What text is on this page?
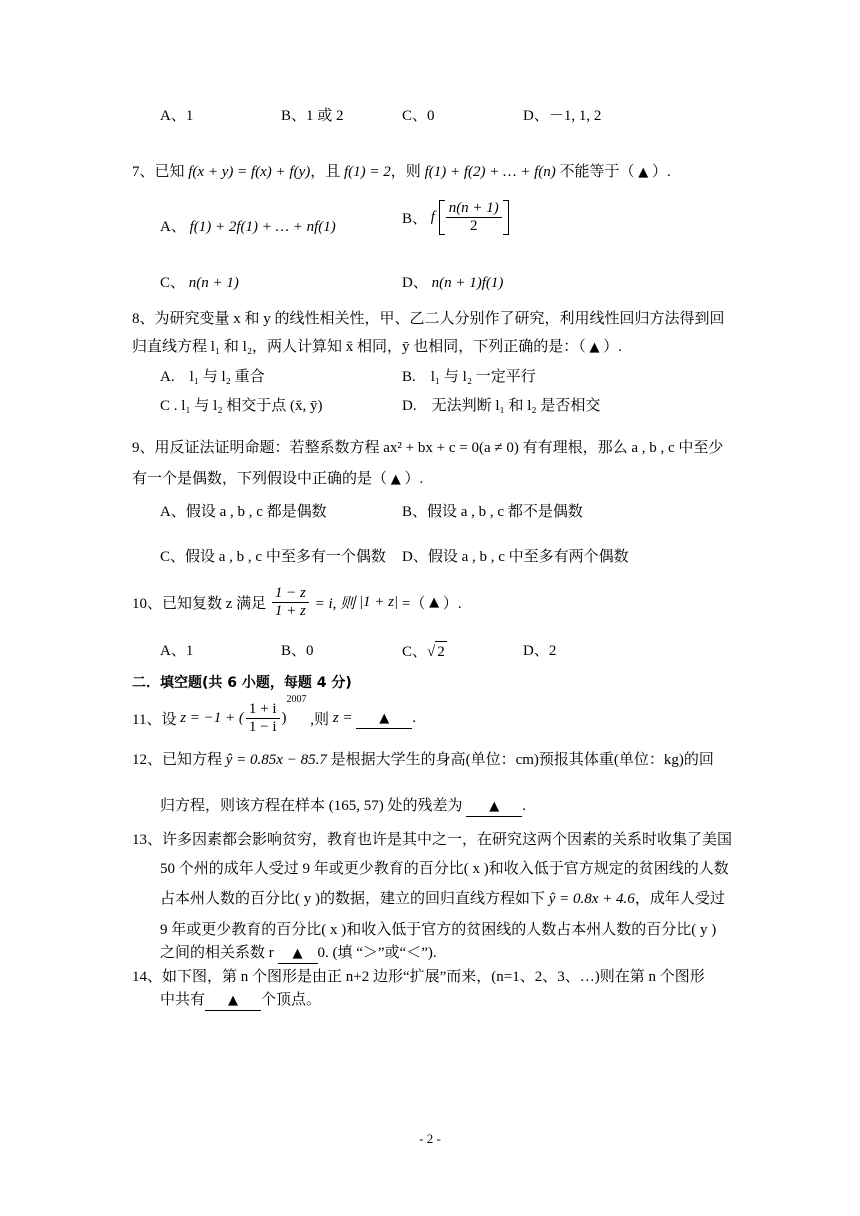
A、1	B、1 或 2	C、0	D、－1, 1, 2
7、已知 f(x + y) = f(x) + f(y)，且 f(1) = 2，则 f(1) + f(2) + … + f(n) 不能等于（ ▲ ）.
A、 f(1) + 2f(1) + … + nf(1)	B、 f $\frac{n(n + 1)}{2}$
C、 n(n + 1)	D、 n(n + 1)f(1)
8、为研究变量 x 和 y 的线性相关性，甲、乙二人分别作了研究，利用线性回归方法得到回
归直线方程 l₁ 和 l₂，两人计算知 x̄ 相同，ȳ 也相同，下列正确的是：（ ▲ ）.
A.　l₁ 与 l₂ 重合	B.　l₁ 与 l₂ 一定平行
C . l₁ 与 l₂ 相交于点 (x̄, ȳ)	D.　无法判断 l₁ 和 l₂ 是否相交
9、用反证法证明命题：若整系数方程 ax² + bx + c = 0(a ≠ 0) 有有理根，那么 a , b , c 中至少
有一个是偶数，下列假设中正确的是（ ▲ ）.
A、假设 a , b , c 都是偶数	B、假设 a , b , c 都不是偶数
C、假设 a , b , c 中至多有一个偶数 D、假设 a , b , c 中至多有两个偶数
10、已知复数 z 满足 $\frac{1 - z}{1 + z} = i$, 则 |1 + z| =（ ▲ ）.
A、1	B、0	C、√ 2	D、2
二．填空题(共 6 小题，每题 4 分)
11、设 z = −1 + ( $\frac{1 + i}{1 - i} )^{2007}$ ,则 z = ▲ .
12、已知方程 ŷ = 0.85x − 85.7 是根据大学生的身高(单位：cm)预报其体重(单位：kg)的回
归方程，则该方程在样本 (165, 57) 处的残差为 ▲ .
13、许多因素都会影响贫穷，教育也许是其中之一，在研究这两个因素的关系时收集了美国
50 个州的成年人受过 9 年或更少教育的百分比( x )和收入低于官方规定的贫困线的人数
占本州人数的百分比( y )的数据，建立的回归直线方程如下 ŷ = 0.8x + 4.6，成年人受过
9 年或更少教育的百分比( x )和收入低于官方的贫困线的人数占本州人数的百分比( y )
之间的相关系数 r ▲ 0. (填 “＞”或“＜”).
14、如下图，第 n 个图形是由正 n+2 边形“扩展”而来，(n=1、2、3、…)则在第 n 个图形
中共有 ▲ 个顶点。
- 2 -
